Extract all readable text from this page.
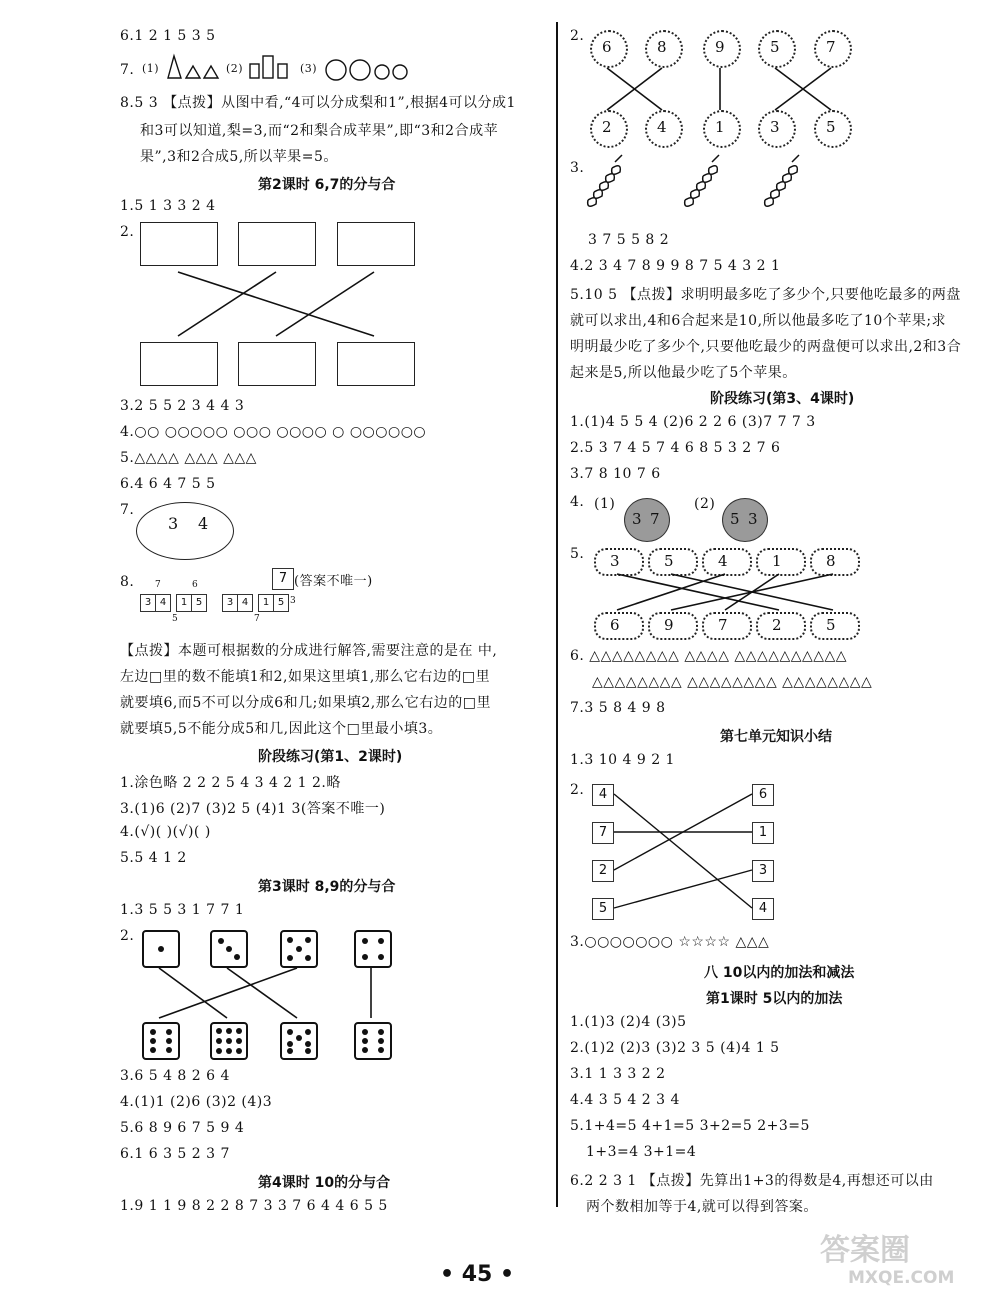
6.1 2 1 5 3 5
7. (1)	(2)	(3)
8.5 3 【点拨】从图中看,“4可以分成梨和1”,根据4可以分成1
和3可以知道,梨=3,而“2和梨合成苹果”,即“3和2合成苹
果”,3和2合成5,所以苹果=5。
第2课时 6,7的分与合
1.5 1 3 3 2 4
2.
3.2 5 5 2 3 4 4 3
4.○○ ○○○○○ ○○○ ○○○○ ○ ○○○○○○
5.△△△△ △△△ △△△
6.4 6 4 7 5 5
7.
3 4
8.	7 (答案不唯一)
7	6
3 4	1 5	3 4	1 5
5	7
3
【点拨】本题可根据数的分成进行解答,需要注意的是在 中,
左边□里的数不能填1和2,如果这里填1,那么它右边的□里
就要填6,而5不可以分成6和几;如果填2,那么它右边的□里
就要填5,5不能分成5和几,因此这个□里最小填3。
阶段练习(第1、2课时)
1.涂色略 2 2 2 5 4 3 4 2 1 2.略
3.(1)6 (2)7 (3)2 5 (4)1 3(答案不唯一)
4.(√)( )(√)( )
5.5 4 1 2
第3课时 8,9的分与合
1.3 5 5 3 1 7 7 1
2.
3.6 5 4 8 2 6 4
4.(1)1 (2)6 (3)2 (4)3
5.6 8 9 6 7 5 9 4
6.1 6 3 5 2 3 7
第4课时 10的分与合
1.9 1 1 9 8 2 2 8 7 3 3 7 6 4 4 6 5 5
2.
6	8	9	5	7
2	4	1	3	5
3.
3 7 5 5 8 2
4.2 3 4 7 8 9 9 8 7 5 4 3 2 1
5.10 5 【点拨】求明明最多吃了多少个,只要他吃最多的两盘
就可以求出,4和6合起来是10,所以他最多吃了10个苹果;求
明明最少吃了多少个,只要他吃最少的两盘便可以求出,2和3合
起来是5,所以他最少吃了5个苹果。
阶段练习(第3、4课时)
1.(1)4 5 5 4 (2)6 2 2 6 (3)7 7 7 3
2.5 3 7 4 5 7 4 6 8 5 3 2 7 6
3.7 8 10 7 6
4. (1)	(2)
3 7	5 3
5. 3	5	4	1	8
6	9	7	2	5
6. △△△△△△△△ △△△△ △△△△△△△△△△
△△△△△△△△ △△△△△△△△ △△△△△△△△
7.3 5 8 4 9 8
第七单元知识小结
1.3 10 4 9 2 1
2.	4
7
2
5
6
1
3
4
3.○○○○○○○ ☆☆☆☆ △△△
八 10以内的加法和减法
第1课时 5以内的加法
1.(1)3 (2)4 (3)5
2.(1)2 (2)3 (3)2 3 5 (4)4 1 5
3.1 1 3 3 2 2
4.4 3 5 4 2 3 4
5.1+4=5 4+1=5 3+2=5 2+3=5
1+3=4 3+1=4
6.2 2 3 1 【点拨】先算出1+3的得数是4,再想还可以由
两个数相加等于4,就可以得到答案。
• 45 •
答案圈
MXQE.COM
